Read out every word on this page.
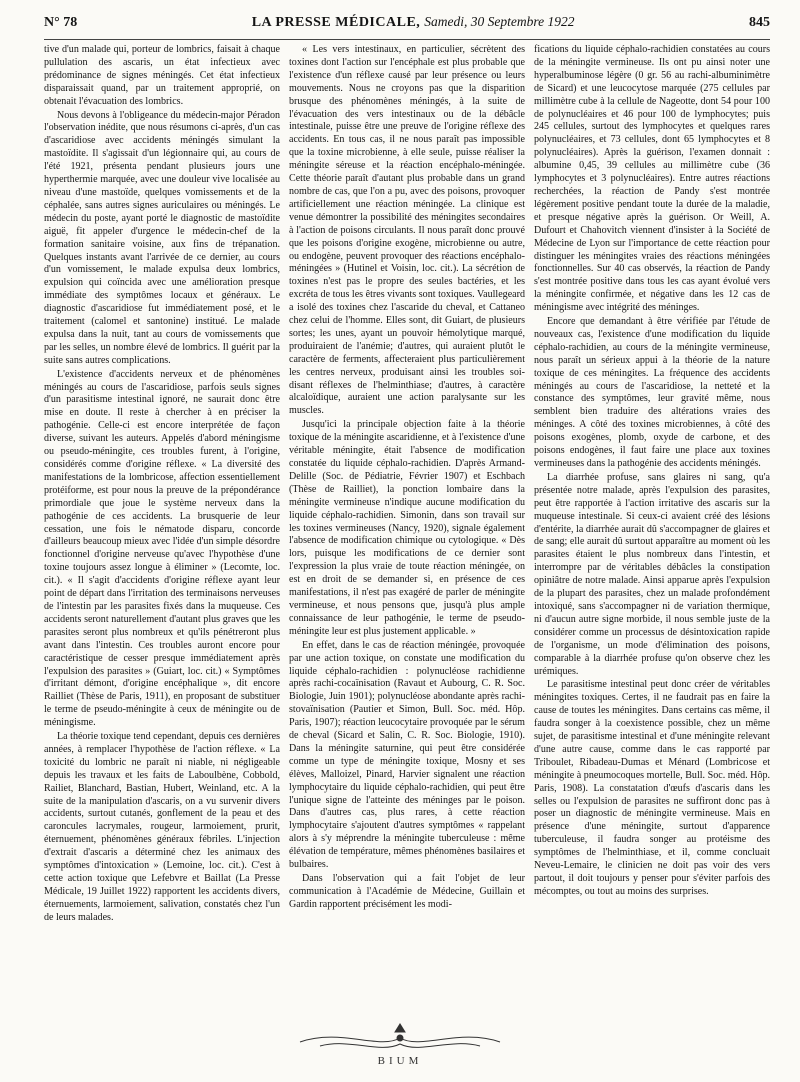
N° 78	LA PRESSE MÉDICALE, Samedi, 30 Septembre 1922	845

tive d'un malade qui, porteur de lombrics, faisait à chaque pullulation des ascaris, un état infectieux avec prédominance de signes méningés. Cet état infectieux disparaissait quand, par un traitement approprié, on obtenait l'évacuation des lombrics.

Nous devons à l'obligeance du médecin-major Péradon l'observation inédite, que nous résumons ci-après, d'un cas d'ascaridiose avec accidents méningés simulant la mastoïdite. Il s'agissait d'un légionnaire qui, au cours de l'été 1921, présenta pendant plusieurs jours une hyperthermie marquée, avec une douleur vive localisée au niveau d'une mastoïde, quelques vomissements et de la céphalée, sans autres signes auriculaires ou méningés. Le médecin du poste, ayant porté le diagnostic de mastoïdite aiguë, fit appeler d'urgence le médecin-chef de la formation sanitaire voisine, aux fins de trépanation. Quelques instants avant l'arrivée de ce dernier, au cours d'un vomissement, le malade expulsa deux lombrics, expulsion qui coïncida avec une amélioration presque immédiate des symptômes locaux et généraux. Le diagnostic d'ascaridiose fut immédiatement posé, et le traitement (calomel et santonine) institué. Le malade expulsa dans la nuit, tant au cours de vomissements que par les selles, un nombre élevé de lombrics. Il guérit par la suite sans autres complications.

L'existence d'accidents nerveux et de phénomènes méningés au cours de l'ascaridiose, parfois seuls signes d'un parasitisme intestinal ignoré, ne saurait donc être mise en doute. Il reste à chercher à en préciser la pathogénie. Celle-ci est encore interprétée de façon diverse, suivant les auteurs. Appelés d'abord méningisme ou pseudo-méningite, ces troubles furent, à l'origine, considérés comme d'origine réflexe. « La diversité des manifestations de la lombricose, affection essentiellement protéiforme, est pour nous la preuve de la prépondérance primordiale que joue le système nerveux dans la pathogénie de ces accidents. La brusquerie de leur cessation, une fois le nématode disparu, concorde d'ailleurs beaucoup mieux avec l'idée d'un simple désordre fonctionnel d'origine nerveuse qu'avec l'hypothèse d'une toxine toujours assez longue à éliminer » (Lecomte, loc. cit.). « Il s'agit d'accidents d'origine réflexe ayant leur point de départ dans l'irritation des terminaisons nerveuses de l'intestin par les parasites fixés dans la muqueuse. Ces accidents seront naturellement d'autant plus graves que les parasites seront plus nombreux et qu'ils pénétreront plus avant dans l'intestin. Ces troubles auront encore pour caractéristique de cesser presque immédiatement après l'expulsion des parasites » (Guiart, loc. cit.) « Symptômes d'irritant démont, d'origine encéphalique », dit encore Railliet (Thèse de Paris, 1911), en proposant de substituer le terme de pseudo-méningite à ceux de méningite ou de méningisme.

La théorie toxique tend cependant, depuis ces dernières années, à remplacer l'hypothèse de l'action réflexe. « La toxicité du lombric ne paraît ni niable, ni négligeable depuis les travaux et les faits de Laboulbène, Cobbold, Railiet, Blanchard, Bastian, Hubert, Weinland, etc. A la suite de la manipulation d'ascaris, on a vu survenir divers accidents, surtout cutanés, gonflement de la peau et des caroncules lacrymales, rougeur, larmoiement, prurit, éternuement, phénomènes généraux fébriles. L'injection d'extrait d'ascaris a déterminé chez les animaux des symptômes d'intoxication » (Lemoine, loc. cit.). C'est à cette action toxique que Lefebvre et Baillat (La Presse Médicale, 19 Juillet 1922) rapportent les accidents divers, éternuements, larmoiement, salivation, constatés chez l'un de leurs malades.

« Les vers intestinaux, en particulier, sécrètent des toxines dont l'action sur l'encéphale est plus probable que l'existence d'un réflexe causé par leur présence ou leurs mouvements. Nous ne croyons pas que la disparition brusque des phénomènes méningés, à la suite de l'évacuation des vers intestinaux ou de la débâcle intestinale, puisse être une preuve de l'origine réflexe des accidents. En tous cas, il ne nous paraît pas impossible que la toxine microbienne, à elle seule, puisse réaliser la méningite séreuse et la réaction encéphalo-méningée. Cette théorie paraît d'autant plus probable dans un grand nombre de cas, que l'on a pu, avec des poisons, provoquer artificiellement une réaction méningée. La clinique est venue démontrer la possibilité des méningites secondaires à l'action de poisons circulants. Il nous paraît donc prouvé que les poisons d'origine exogène, microbienne ou autre, ou endogène, peuvent provoquer des réactions encéphalo-méningées » (Hutinel et Voisin, loc. cit.). La sécrétion de toxines n'est pas le propre des seules bactéries, et les excréta de tous les êtres vivants sont toxiques. Vaullegeard a isolé des toxines chez l'ascaride du cheval, et Cattaneo chez celui de l'homme. Elles sont, dit Guiart, de plusieurs sortes; les unes, ayant un pouvoir hémolytique marqué, produiraient de l'anémie; d'autres, qui auraient plutôt le caractère de ferments, affecteraient plus particulièrement les centres nerveux, produisant ainsi les troubles soi-disant réflexes de l'helminthiase; d'autres, à caractère alcaloïdique, auraient une action paralysante sur les muscles.

Jusqu'ici la principale objection faite à la théorie toxique de la méningite ascaridienne, et à l'existence d'une véritable méningite, était l'absence de modification constatée du liquide céphalo-rachidien. D'après Armand-Delille (Soc. de Pédiatrie, Février 1907) et Eschbach (Thèse de Railliet), la ponction lombaire dans la méningite vermineuse n'indique aucune modification du liquide céphalo-rachidien. Simonin, dans son travail sur les toxines vermineuses (Nancy, 1920), signale également l'absence de modification chimique ou cytologique. « Dès lors, puisque les modifications de ce dernier sont l'expression la plus vraie de toute réaction méningée, on est en droit de se demander si, en présence de ces manifestations, il n'est pas exagéré de parler de méningite vermineuse, et nous pensons que, jusqu'à plus ample connaissance de leur pathogénie, le terme de pseudo-méningite leur est plus justement applicable. »

En effet, dans le cas de réaction méningée, provoquée par une action toxique, on constate une modification du liquide céphalo-rachidien : polynucléose rachidienne après rachi-cocaïnisation (Ravaut et Aubourg, C. R. Soc. Biologie, Juin 1901); polynucléose abondante après rachi-stovaïnisation (Pautier et Simon, Bull. Soc. méd. Hôp. Paris, 1907); réaction leucocytaire provoquée par le sérum de cheval (Sicard et Salin, C. R. Soc. Biologie, 1910). Dans la méningite saturnine, qui peut être considérée comme un type de méningite toxique, Mosny et ses élèves, Malloizel, Pinard, Harvier signalent une réaction lymphocytaire du liquide céphalo-rachidien, qui peut être l'unique signe de l'atteinte des méninges par le poison. Dans d'autres cas, plus rares, à cette réaction lymphocytaire s'ajoutent d'autres symptômes « rappelant alors à s'y méprendre la méningite tuberculeuse : même élévation de température, mêmes phénomènes basilaires et bulbaires.

Dans l'observation qui a fait l'objet de leur communication à l'Académie de Médecine, Guillain et Gardin rapportent précisément les modi-

fications du liquide céphalo-rachidien constatées au cours de la méningite vermineuse. Ils ont pu ainsi noter une hyperalbuminose légère (0 gr. 56 au rachi-albuminimètre de Sicard) et une leucocytose marquée (275 cellules par millimètre cube à la cellule de Nageotte, dont 54 pour 100 de polynucléaires et 46 pour 100 de lymphocytes; puis 245 cellules, surtout des lymphocytes et quelques rares polynucléaires, et 73 cellules, dont 65 lymphocytes et 8 polynucléaires). Après la guérison, l'examen donnait : albumine 0,45, 39 cellules au millimètre cube (36 lymphocytes et 3 polynucléaires). Entre autres réactions recherchées, la réaction de Pandy s'est montrée légèrement positive pendant toute la durée de la maladie, et presque négative après la guérison. Or Weill, A. Dufourt et Chahovitch viennent d'insister à la Société de Médecine de Lyon sur l'importance de cette réaction pour distinguer les méningites vraies des réactions méningées fonctionnelles. Sur 40 cas observés, la réaction de Pandy s'est montrée positive dans tous les cas ayant évolué vers la méningite confirmée, et négative dans les 12 cas de méningisme avec intégrité des méninges.

Encore que demandant à être vérifiée par l'étude de nouveaux cas, l'existence d'une modification du liquide céphalo-rachidien, au cours de la méningite vermineuse, nous paraît un sérieux appui à la théorie de la nature toxique de ces méningites. La fréquence des accidents méningés au cours de l'ascaridiose, la netteté et la constance des symptômes, leur gravité même, nous semblent bien traduire des altérations vraies des méninges. A côté des toxines microbiennes, à côté des poisons exogènes, plomb, oxyde de carbone, et des poisons endogènes, il faut faire une place aux toxines vermineuses dans la pathogénie des accidents méningés.

La diarrhée profuse, sans glaires ni sang, qu'a présentée notre malade, après l'expulsion des parasites, peut être rapportée à l'action irritative des ascaris sur la muqueuse intestinale. Si ceux-ci avaient créé des lésions d'entérite, la diarrhée aurait dû s'accompagner de glaires et de sang; elle aurait dû surtout apparaître au moment où les parasites étaient le plus nombreux dans l'intestin, et interrompre par de véritables débâcles la constipation opiniâtre de notre malade. Ainsi apparue après l'expulsion de la plupart des parasites, chez un malade profondément intoxiqué, sans s'accompagner ni de variation thermique, ni d'aucun autre signe morbide, il nous semble juste de la considérer comme un processus de désintoxication rapide de l'organisme, un mode d'élimination des poisons, comparable à la diarrhée profuse qu'on observe chez les urémiques.

Le parasitisme intestinal peut donc créer de véritables méningites toxiques. Certes, il ne faudrait pas en faire la cause de toutes les méningites. Dans certains cas même, il faudra songer à la coexistence possible, chez un même sujet, de parasitisme intestinal et d'une méningite relevant d'une autre cause, comme dans le cas rapporté par Triboulet, Ribadeau-Dumas et Ménard (Lombricose et méningite à pneumocoques mortelle, Bull. Soc. méd. Hôp. Paris, 1908). La constatation d'œufs d'ascaris dans les selles ou l'expulsion de parasites ne suffiront donc pas à poser un diagnostic de méningite vermineuse. Mais en présence d'une méningite, surtout d'apparence tuberculeuse, il faudra songer au protéisme des symptômes de l'helminthiase, et il, comme concluait Neveu-Lemaire, le clinicien ne doit pas voir des vers partout, il doit toujours y penser pour s'éviter parfois des mécomptes, ou tout au moins des surprises.

BIUM
